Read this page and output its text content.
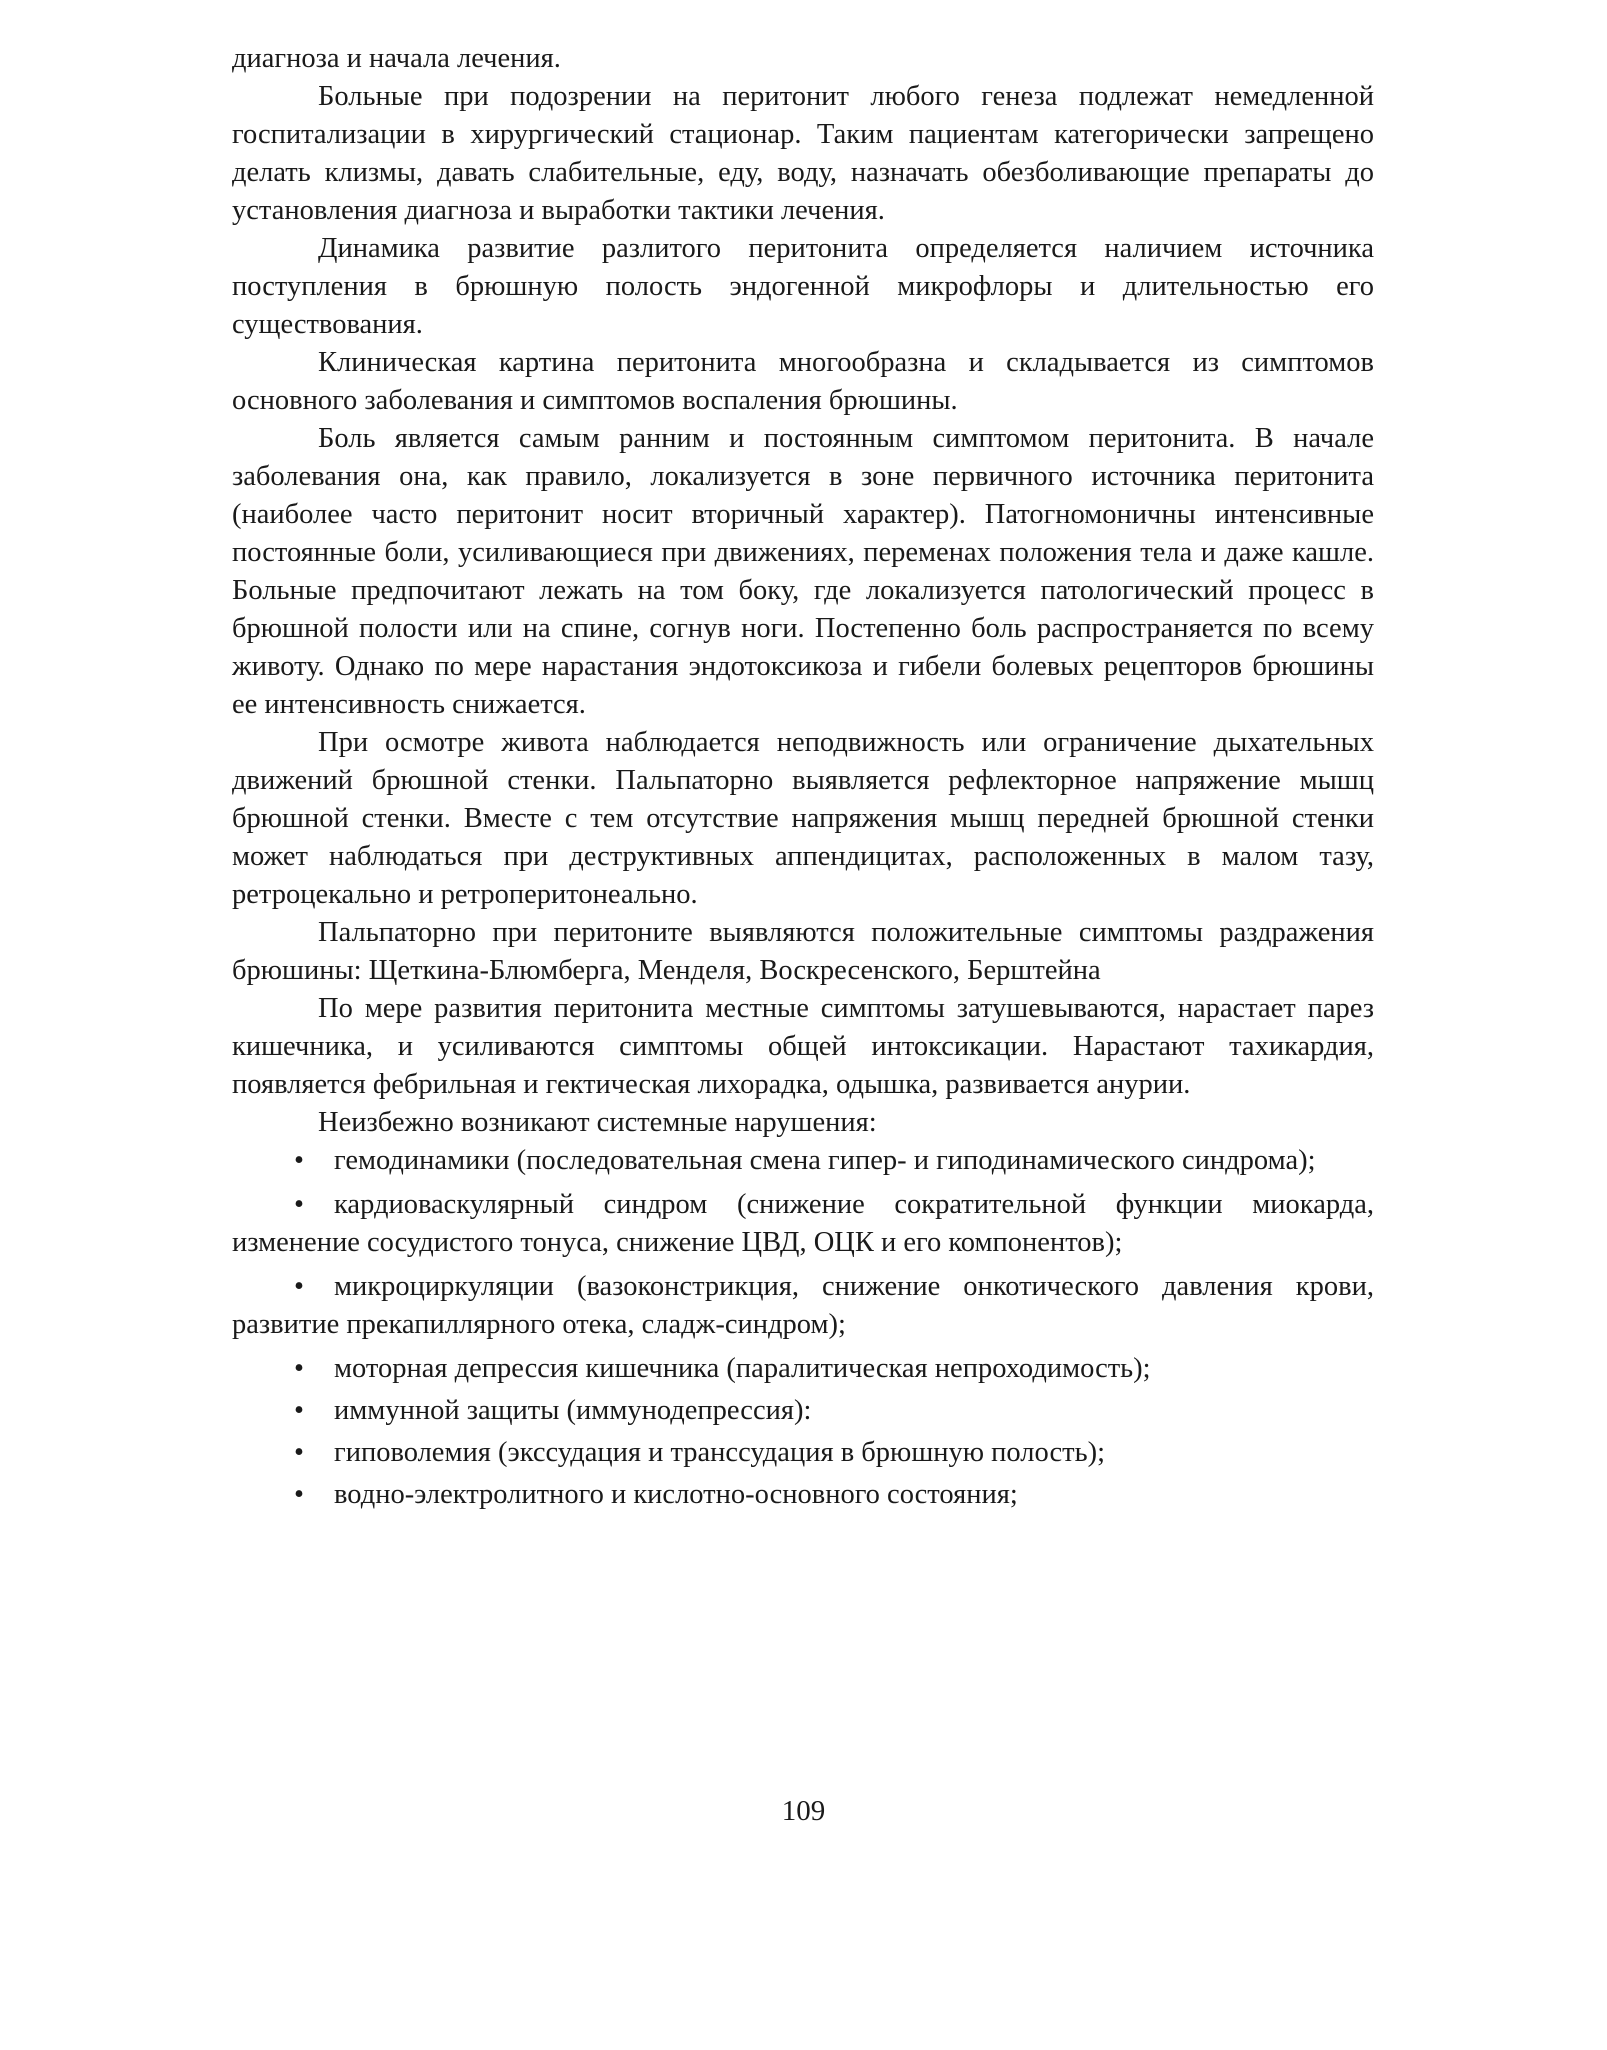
диагноза и начала лечения.

Больные при подозрении на перитонит любого генеза подлежат немедленной госпитализации в хирургический стационар. Таким пациентам категорически запрещено делать клизмы, давать слабительные, еду, воду, назначать обезболивающие препараты до установления диагноза и выработки тактики лечения.

Динамика развитие разлитого перитонита определяется наличием источника поступления в брюшную полость эндогенной микрофлоры и длительностью его существования.

Клиническая картина перитонита многообразна и складывается из симптомов основного заболевания и симптомов воспаления брюшины.

Боль является самым ранним и постоянным симптомом перитонита. В начале заболевания она, как правило, локализуется в зоне первичного источника перитонита (наиболее часто перитонит носит вторичный характер). Патогномоничны интенсивные постоянные боли, усиливающиеся при движениях, переменах положения тела и даже кашле. Больные предпочитают лежать на том боку, где локализуется патологический процесс в брюшной полости или на спине, согнув ноги. Постепенно боль распространяется по всему животу. Однако по мере нарастания эндотоксикоза и гибели болевых рецепторов брюшины ее интенсивность снижается.

При осмотре живота наблюдается неподвижность или ограничение дыхательных движений брюшной стенки. Пальпаторно выявляется рефлекторное напряжение мышц брюшной стенки. Вместе с тем отсутствие напряжения мышц передней брюшной стенки может наблюдаться при деструктивных аппендицитах, расположенных в малом тазу, ретроцекально и ретроперитонеально.

Пальпаторно при перитоните выявляются положительные симптомы раздражения брюшины: Щеткина-Блюмберга, Менделя, Воскресенского, Берштейна

По мере развития перитонита местные симптомы затушевываются, нарастает парез кишечника, и усиливаются симптомы общей интоксикации. Нарастают тахикардия, появляется фебрильная и гектическая лихорадка, одышка, развивается анурии.

Неизбежно возникают системные нарушения:

• гемодинамики (последовательная смена гипер- и гиподинамического синдрома);
• кардиоваскулярный синдром (снижение сократительной функции миокарда, изменение сосудистого тонуса, снижение ЦВД, ОЦК и его компонентов);
• микроциркуляции (вазоконстрикция, снижение онкотического давления крови, развитие прекапиллярного отека, сладж-синдром);
• моторная депрессия кишечника (паралитическая непроходимость);
• иммунной защиты (иммунодепрессия):
• гиповолемия (экссудация и транссудация в брюшную полость);
• водно-электролитного и кислотно-основного состояния;
109
